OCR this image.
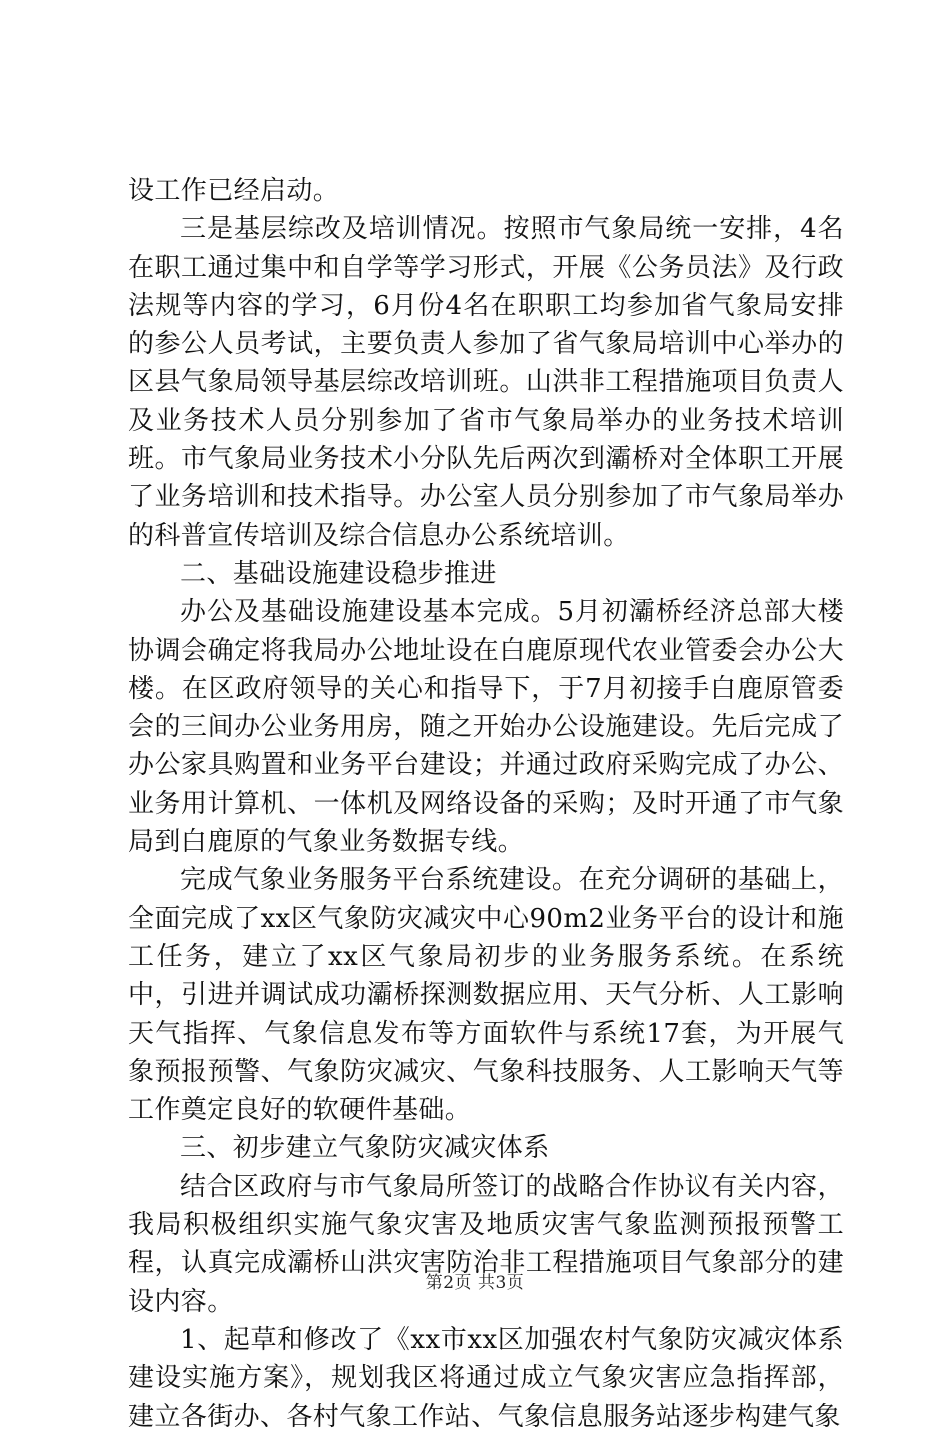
设工作已经启动。

三是基层综改及培训情况。按照市气象局统一安排，4名在职工通过集中和自学等学习形式，开展《公务员法》及行政法规等内容的学习，6月份4名在职职工均参加省气象局安排的参公人员考试，主要负责人参加了省气象局培训中心举办的区县气象局领导基层综改培训班。山洪非工程措施项目负责人及业务技术人员分别参加了省市气象局举办的业务技术培训班。市气象局业务技术小分队先后两次到灞桥对全体职工开展了业务培训和技术指导。办公室人员分别参加了市气象局举办的科普宣传培训及综合信息办公系统培训。

二、基础设施建设稳步推进

办公及基础设施建设基本完成。5月初灞桥经济总部大楼协调会确定将我局办公地址设在白鹿原现代农业管委会办公大楼。在区政府领导的关心和指导下，于7月初接手白鹿原管委会的三间办公业务用房，随之开始办公设施建设。先后完成了办公家具购置和业务平台建设；并通过政府采购完成了办公、业务用计算机、一体机及网络设备的采购；及时开通了市气象局到白鹿原的气象业务数据专线。

完成气象业务服务平台系统建设。在充分调研的基础上，全面完成了xx区气象防灾减灾中心90m2业务平台的设计和施工任务，建立了xx区气象局初步的业务服务系统。在系统中，引进并调试成功灞桥探测数据应用、天气分析、人工影响天气指挥、气象信息发布等方面软件与系统17套，为开展气象预报预警、气象防灾减灾、气象科技服务、人工影响天气等工作奠定良好的软硬件基础。

三、初步建立气象防灾减灾体系

结合区政府与市气象局所签订的战略合作协议有关内容，我局积极组织实施气象灾害及地质灾害气象监测预报预警工程，认真完成灞桥山洪灾害防治非工程措施项目气象部分的建设内容。

1、起草和修改了《xx市xx区加强农村气象防灾减灾体系建设实施方案》，规划我区将通过成立气象灾害应急指挥部，建立各街办、各村气象工作站、气象信息服务站逐步构建气象

第2页 共3页
